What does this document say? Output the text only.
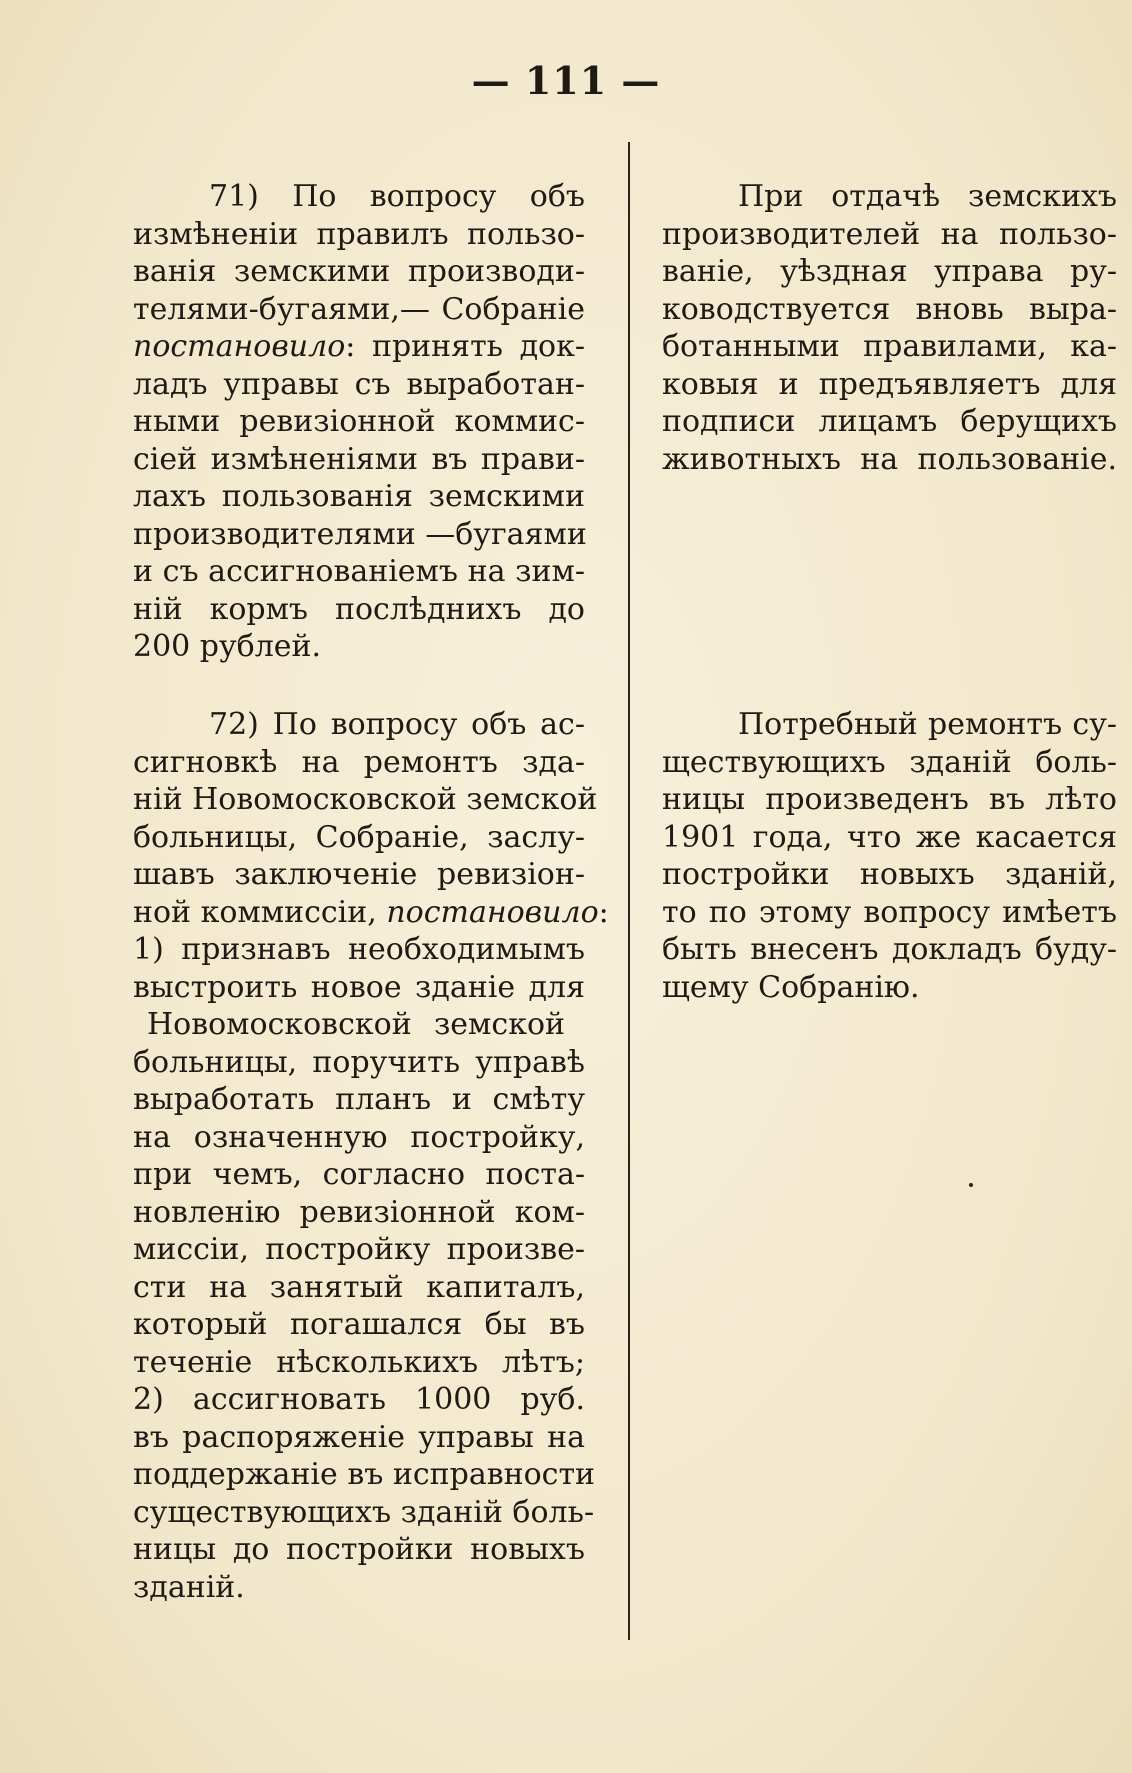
— 111 —
71) По вопросу объ
измѣненіи правилъ пользо-
ванія земскими производи-
телями-бугаями,— Собраніе
постановило: принять док-
ладъ управы съ выработан-
ными ревизіонной коммис-
сіей измѣненіями въ прави-
лахъ пользованія земскими
производителями —бугаями
и съ ассигнованіемъ на зим-
ній кормъ послѣднихъ до
200 рублей.
72) По вопросу объ ас-
сигновкѣ на ремонтъ зда-
ній Новомосковской земской
больницы, Собраніе, заслу-
шавъ заключеніе ревизіон-
ной коммиссіи, постановило:
1) признавъ необходимымъ
выстроить новое зданіе для
Новомосковской земской
больницы, поручить управѣ
выработать планъ и смѣту
на означенную постройку,
при чемъ, согласно поста-
новленію ревизіонной ком-
миссіи, постройку произве-
сти на занятый капиталъ,
который погашался бы въ
теченіе нѣсколькихъ лѣтъ;
2) ассигновать 1000 руб.
въ распоряженіе управы на
поддержаніе въ исправности
существующихъ зданій боль-
ницы до постройки новыхъ
зданій.
При отдачѣ земскихъ
производителей на пользо-
ваніе, уѣздная управа ру-
ководствуется вновь выра-
ботанными правилами, ка-
ковыя и предъявляетъ для
подписи лицамъ берущихъ
животныхъ на пользованіе.
Потребный ремонтъ су-
ществующихъ зданій боль-
ницы произведенъ въ лѣто
1901 года, что же касается
постройки новыхъ зданій,
то по этому вопросу имѣетъ
быть внесенъ докладъ буду-
щему Собранію.
